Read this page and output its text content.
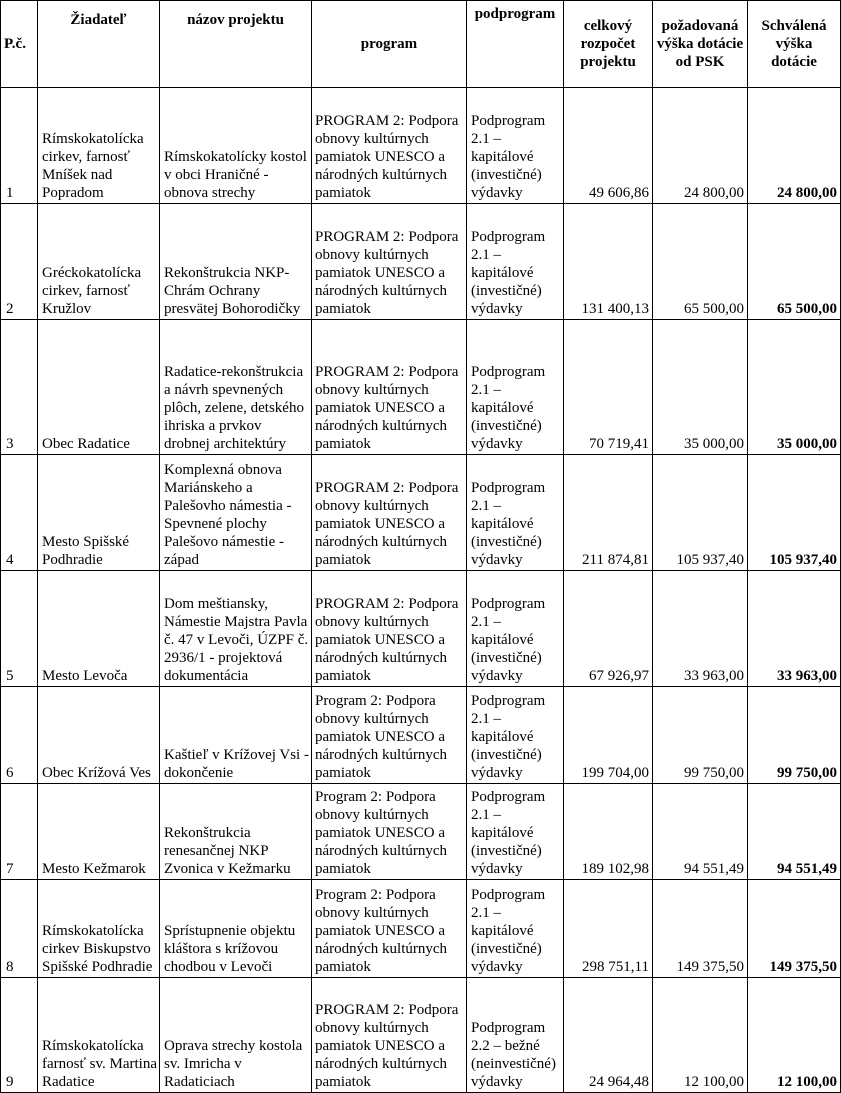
P.č.	Žiadateľ	názov projektu	program	podprogram	celkový rozpočet projektu	požadovaná výška dotácie od PSK	Schválená výška dotácie
1	Rímskokatolícka cirkev, farnosť Mníšek nad Popradom	Rímskokatolícky kostol v obci Hraničné - obnova strechy	PROGRAM 2: Podpora obnovy kultúrnych pamiatok UNESCO a národných kultúrnych pamiatok	Podprogram 2.1 – kapitálové (investičné) výdavky	49 606,86	24 800,00	24 800,00
2	Gréckokatolícka cirkev, farnosť Kružlov	Rekonštrukcia NKP-Chrám Ochrany presvätej Bohorodičky	PROGRAM 2: Podpora obnovy kultúrnych pamiatok UNESCO a národných kultúrnych pamiatok	Podprogram 2.1 – kapitálové (investičné) výdavky	131 400,13	65 500,00	65 500,00
3	Obec Radatice	Radatice-rekonštrukcia a návrh spevnených plôch, zelene, detského ihriska a prvkov drobnej architektúry	PROGRAM 2: Podpora obnovy kultúrnych pamiatok UNESCO a národných kultúrnych pamiatok	Podprogram 2.1 – kapitálové (investičné) výdavky	70 719,41	35 000,00	35 000,00
4	Mesto Spišské Podhradie	Komplexná obnova Mariánskeho a Palešovho námestia - Spevnené plochy Palešovo námestie - západ	PROGRAM 2: Podpora obnovy kultúrnych pamiatok UNESCO a národných kultúrnych pamiatok	Podprogram 2.1 – kapitálové (investičné) výdavky	211 874,81	105 937,40	105 937,40
5	Mesto Levoča	Dom meštiansky, Námestie Majstra Pavla č. 47 v Levoči, ÚZPF č. 2936/1 - projektová dokumentácia	PROGRAM 2: Podpora obnovy kultúrnych pamiatok UNESCO a národných kultúrnych pamiatok	Podprogram 2.1 – kapitálové (investičné) výdavky	67 926,97	33 963,00	33 963,00
6	Obec Krížová Ves	Kaštieľ v Krížovej Vsi - dokončenie	Program 2: Podpora obnovy kultúrnych pamiatok UNESCO a národných kultúrnych pamiatok	Podprogram 2.1 – kapitálové (investičné) výdavky	199 704,00	99 750,00	99 750,00
7	Mesto Kežmarok	Rekonštrukcia renesančnej NKP Zvonica v Kežmarku	Program 2: Podpora obnovy kultúrnych pamiatok UNESCO a národných kultúrnych pamiatok	Podprogram 2.1 – kapitálové (investičné) výdavky	189 102,98	94 551,49	94 551,49
8	Rímskokatolícka cirkev Biskupstvo Spišské Podhradie	Sprístupnenie objektu kláštora s krížovou chodbou v Levoči	Program 2: Podpora obnovy kultúrnych pamiatok UNESCO a národných kultúrnych pamiatok	Podprogram 2.1 – kapitálové (investičné) výdavky	298 751,11	149 375,50	149 375,50
9	Rímskokatolícka farnosť sv. Martina Radatice	Oprava strechy kostola sv. Imricha v Radaticiach	PROGRAM 2: Podpora obnovy kultúrnych pamiatok UNESCO a národných kultúrnych pamiatok	Podprogram 2.2 – bežné (neinvestičné) výdavky	24 964,48	12 100,00	12 100,00
